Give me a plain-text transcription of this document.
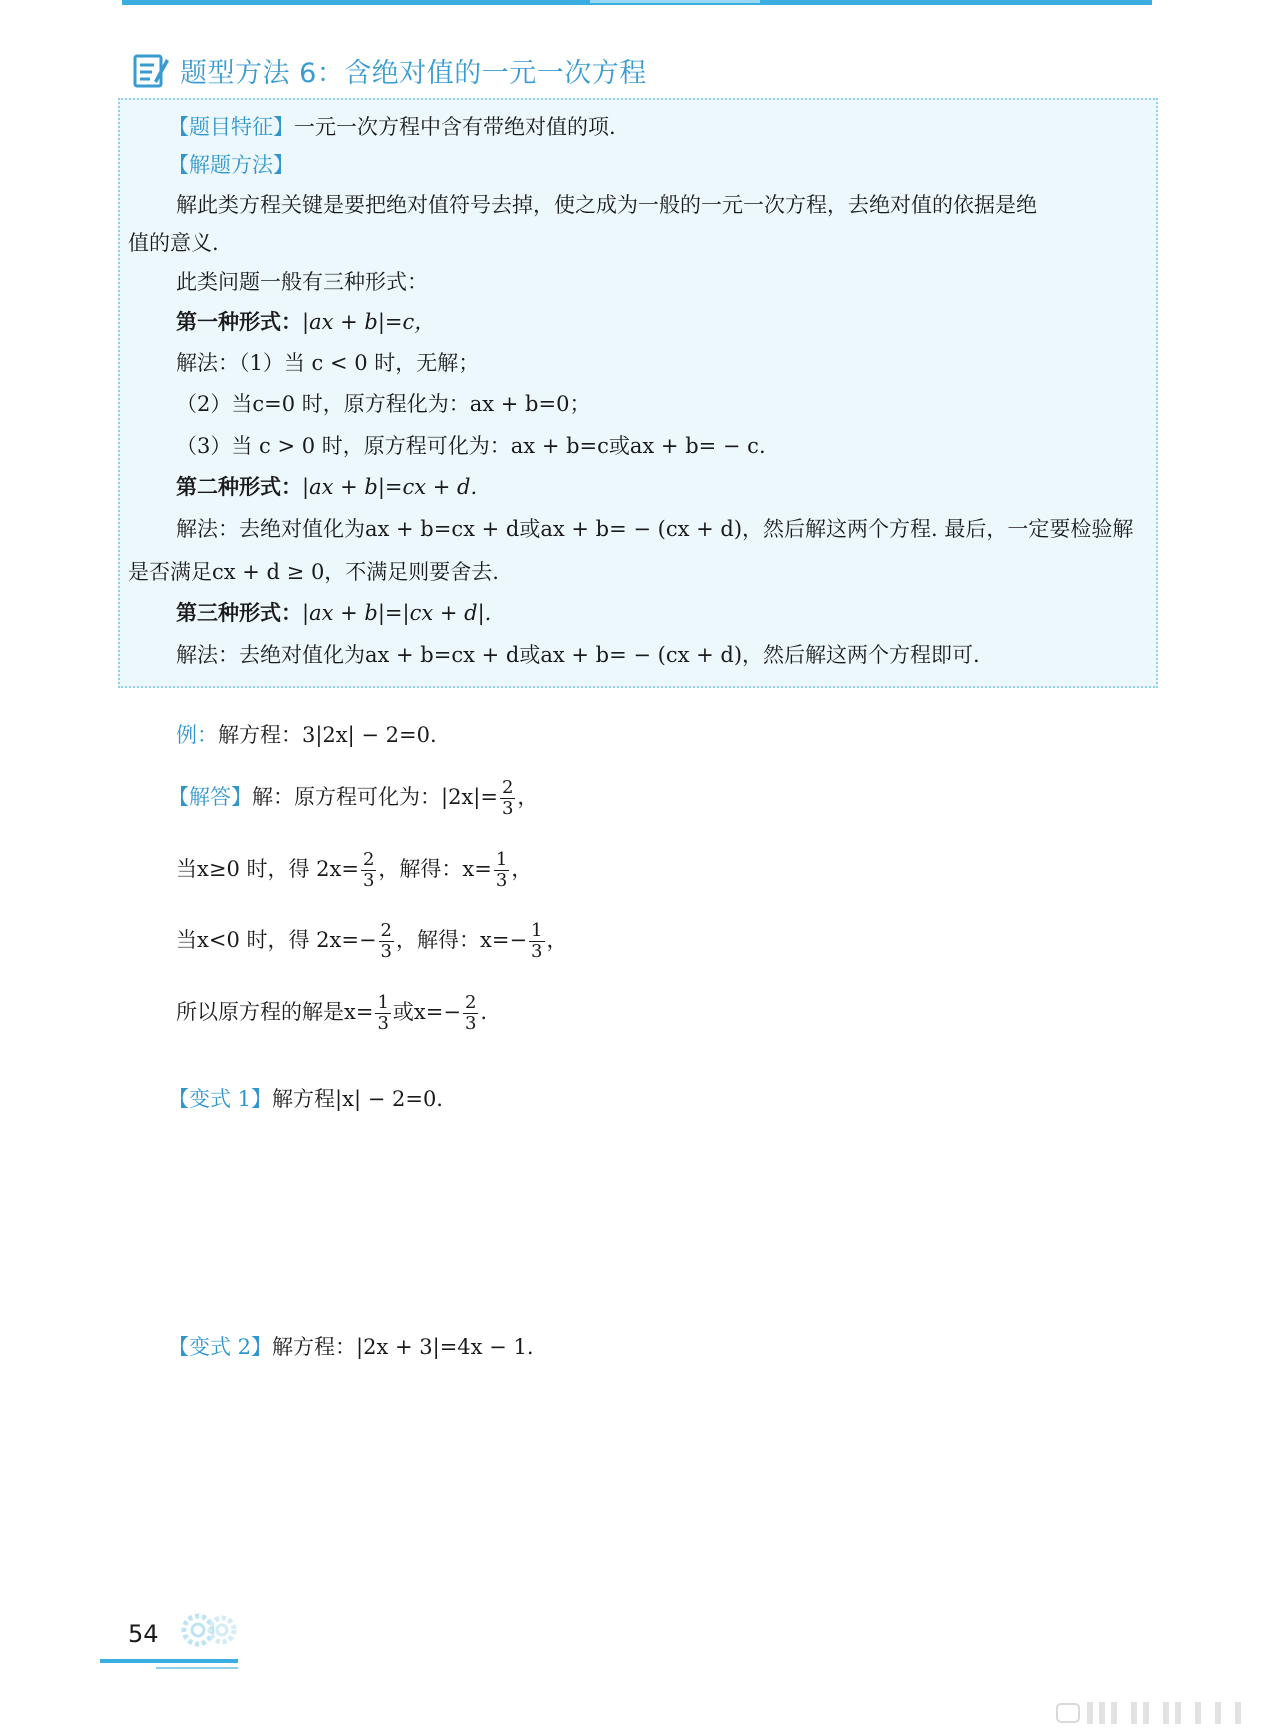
题型方法 6：含绝对值的一元一次方程
【题目特征】一元一次方程中含有带绝对值的项.
【解题方法】
解此类方程关键是要把绝对值符号去掉，使之成为一般的一元一次方程，去绝对值的依据是绝
值的意义.
此类问题一般有三种形式：
第一种形式：|ax + b|=c，
解法：（1）当 c < 0 时，无解；
（2）当c=0 时，原方程化为：ax + b=0；
（3）当 c > 0 时，原方程可化为：ax + b=c或ax + b= − c.
第二种形式：|ax + b|=cx + d.
解法：去绝对值化为ax + b=cx + d或ax + b= − (cx + d)，然后解这两个方程. 最后，一定要检验解
是否满足cx + d ≥ 0，不满足则要舍去.
第三种形式：|ax + b|=|cx + d|.
解法：去绝对值化为ax + b=cx + d或ax + b= − (cx + d)，然后解这两个方程即可.
例：解方程：3|2x| − 2=0.
【解答】解：原方程可化为：$|2x|= \frac{2}{3}$ ，
当x≥0 时，得 $2x= \frac{2}{3}$ ，解得：$x= \frac{1}{3}$ ，
当x<0 时，得 $2x=- \frac{2}{3}$ ，解得：$x=- \frac{1}{3}$ ，
所以原方程的解是$x= \frac{1}{3}$ 或$x=- \frac{2}{3}$ .
【变式 1】解方程|x| − 2=0.
【变式 2】解方程：|2x + 3|=4x − 1.
54
